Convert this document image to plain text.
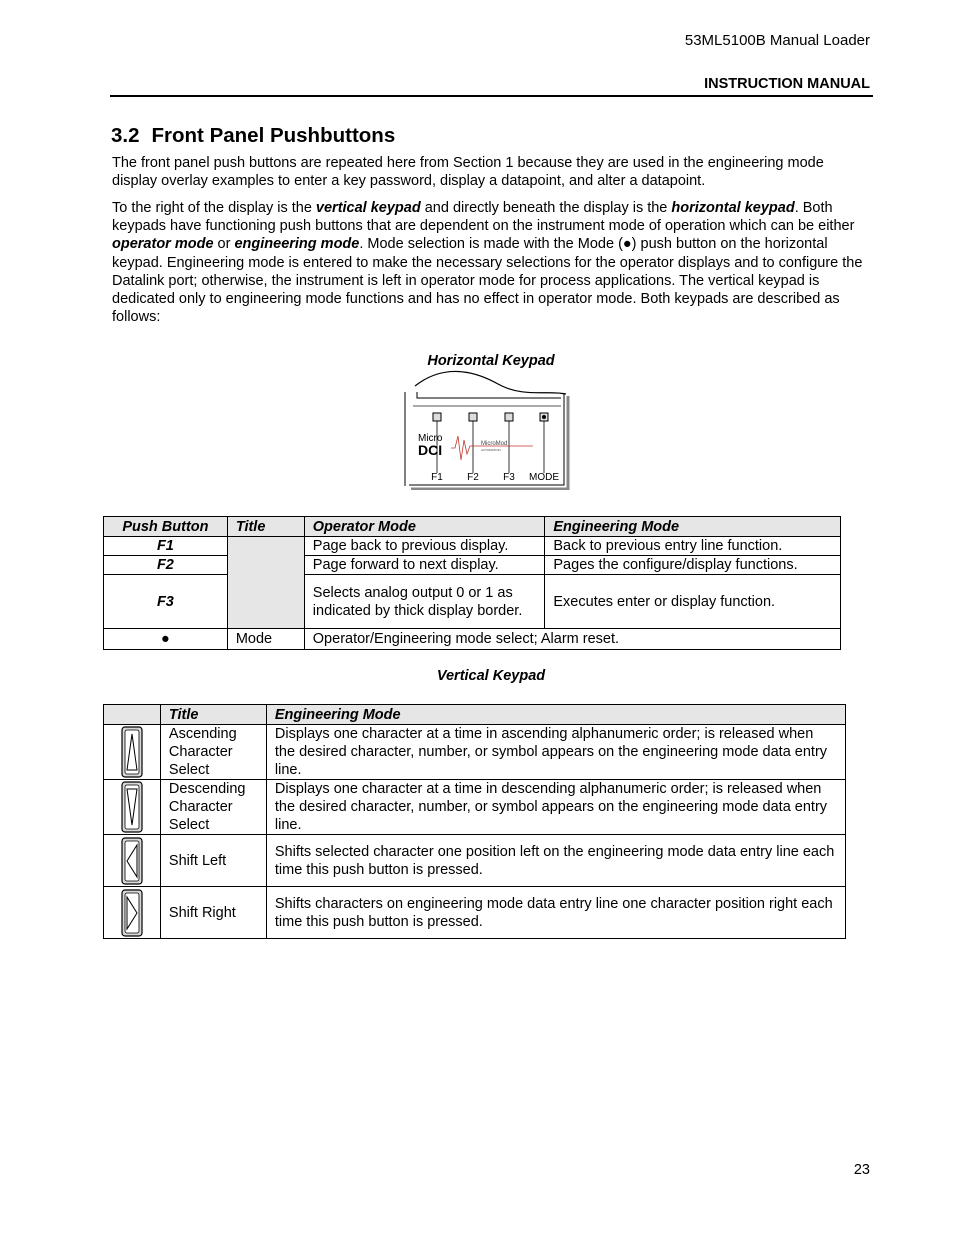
53ML5100B Manual Loader
INSTRUCTION MANUAL
3.2 Front Panel Pushbuttons
The front panel push buttons are repeated here from Section 1 because they are used in the engineering mode display overlay examples to enter a key password, display a datapoint, and alter a datapoint.
To the right of the display is the vertical keypad and directly beneath the display is the horizontal keypad. Both keypads have functioning push buttons that are dependent on the instrument mode of operation which can be either operator mode or engineering mode. Mode selection is made with the Mode (●) push button on the horizontal keypad. Engineering mode is entered to make the necessary selections for the operator displays and to configure the Datalink port; otherwise, the instrument is left in operator mode for process applications. The vertical keypad is dedicated only to engineering mode functions and has no effect in operator mode. Both keypads are described as follows:
Horizontal Keypad
Micro
DCI	MicroMod
AUTOMATION
F1 F2 F3 MODE
Push Button	Title	Operator Mode	Engineering Mode
F1		Page back to previous display.	Back to previous entry line function.
F2		Page forward to next display.	Pages the configure/display functions.
F3		Selects analog output 0 or 1 as indicated by thick display border.	Executes enter or display function.
●	Mode	Operator/Engineering mode select; Alarm reset.	
Vertical Keypad
	Title	Engineering Mode

	Ascending Character Select	Displays one character at a time in ascending alphanumeric order; is released when the desired character, number, or symbol appears on the engineering mode data entry line.

	Descending Character Select	Displays one character at a time in descending alphanumeric order; is released when the desired character, number, or symbol appears on the engineering mode data entry line.

	Shift Left	Shifts selected character one position left on the engineering mode data entry line each time this push button is pressed.

	Shift Right	Shifts characters on engineering mode data entry line one character position right each time this push button is pressed.
23
